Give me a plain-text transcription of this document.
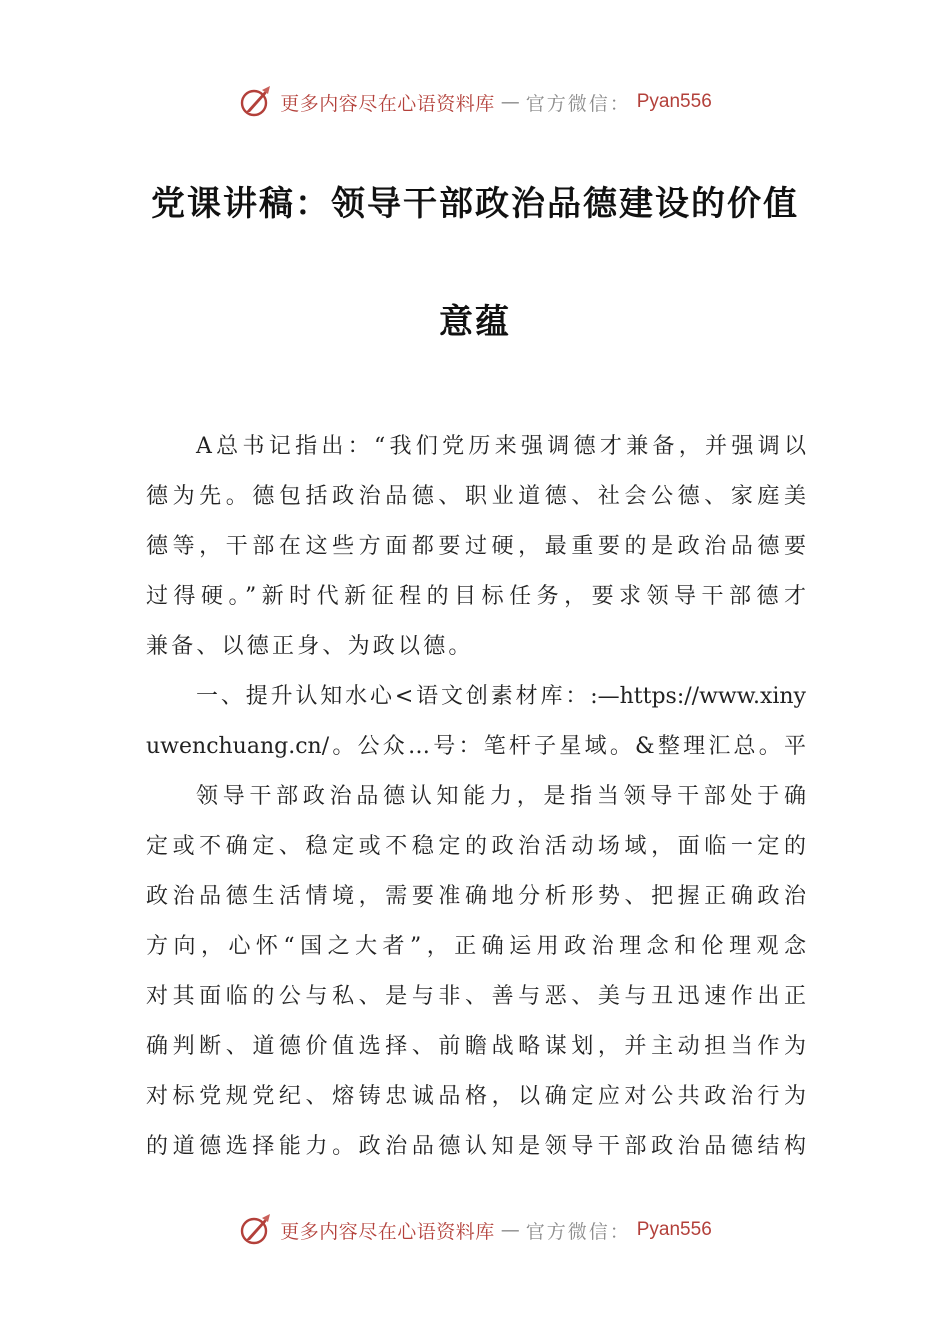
更多内容尽在心语资料库 — 官方微信： Pyan556
党课讲稿：领导干部政治品德建设的价值
意蕴
A总书记指出：“我们党历来强调德才兼备，并强调以
德为先。德包括政治品德、职业道德、社会公德、家庭美
德等，干部在这些方面都要过硬，最重要的是政治品德要
过得硬。”新时代新征程的目标任务，要求领导干部德才
兼备、以德正身、为政以德。
一、提升认知水心<语文创素材库：:—https://www.xiny
uwenchuang.cn/。公众…号：笔杆子星域。&整理汇总。平
领导干部政治品德认知能力，是指当领导干部处于确
定或不确定、稳定或不稳定的政治活动场域，面临一定的
政治品德生活情境，需要准确地分析形势、把握正确政治
方向，心怀“国之大者”，正确运用政治理念和伦理观念
对其面临的公与私、是与非、善与恶、美与丑迅速作出正
确判断、道德价值选择、前瞻战略谋划，并主动担当作为
对标党规党纪、熔铸忠诚品格，以确定应对公共政治行为
的道德选择能力。政治品德认知是领导干部政治品德结构
更多内容尽在心语资料库 — 官方微信： Pyan556
